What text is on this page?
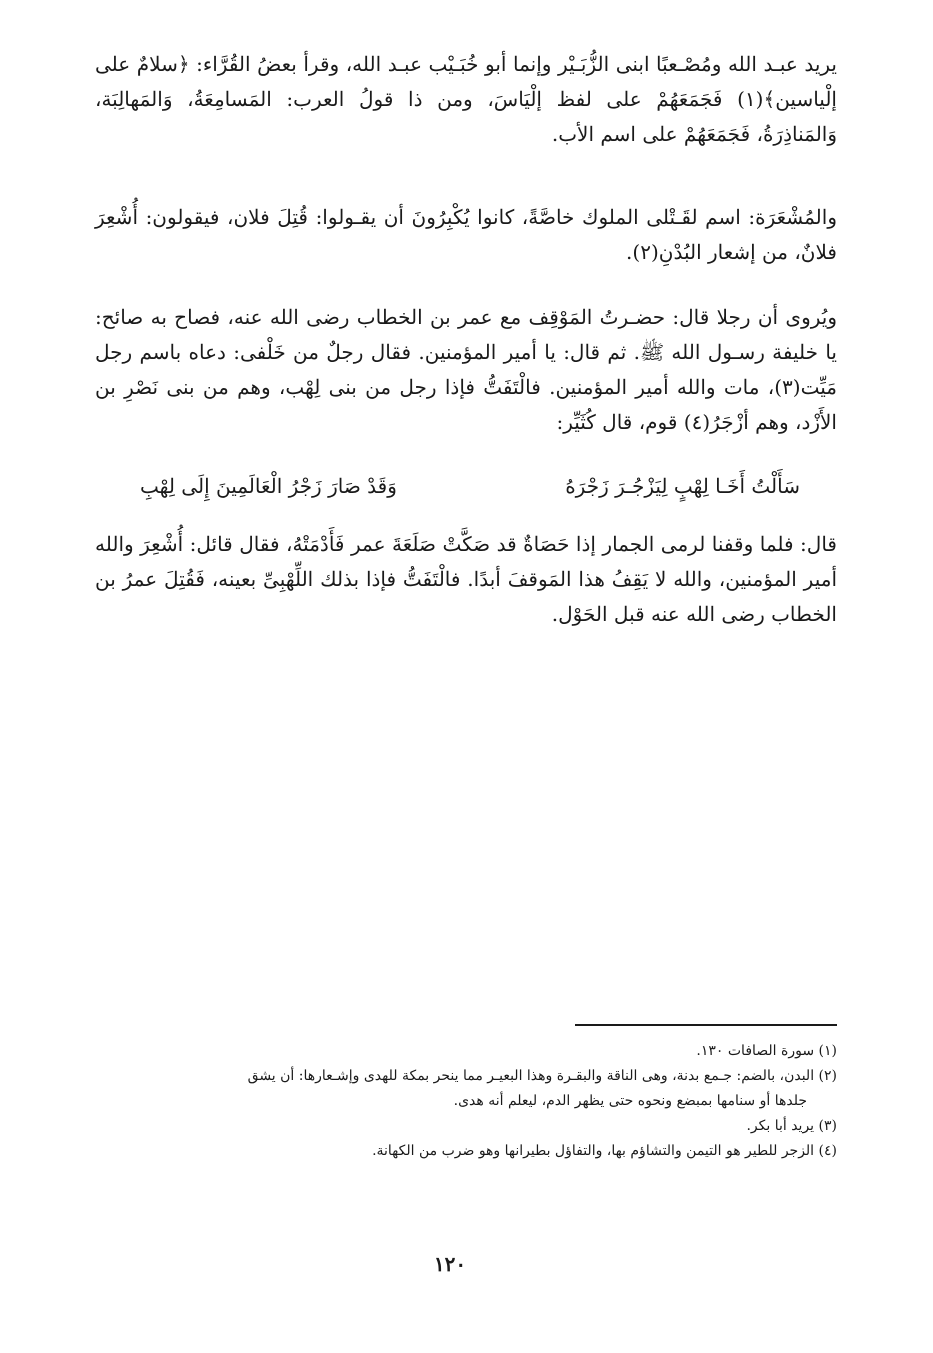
يريد عبـد الله ومُصْـعبًا ابنى الزُّبَـيْر وإنما أبو خُبَـيْب عبـد الله، وقرأ بعضُ القُرَّاء: ﴿سلامٌ على إلْياسين﴾(١) فَجَمَعَهُمْ على لفظ إلْيَاسَ، ومن ذا قولُ العرب: المَسامِعَةُ، وَالمَهالِبَة، وَالمَناذِرَةُ، فَجَمَعَهُمْ على اسم الأب.

والمُشْعَرَة: اسم لقَـتْلى الملوك خاصَّةً، كانوا يُكْبِرُونَ أن يقـولوا: قُتِلَ فلان، فيقولون: أُشْعِرَ فلانٌ، من إشعار البُدْنِ(٢).

ويُروى أن رجلا قال: حضـرتُ المَوْقِف مع عمر بن الخطاب رضى الله عنه، فصاح به صائح: يا خليفة رسـول الله ﷺ. ثم قال: يا أمير المؤمنين. فقال رجلٌ من خَلْفى: دعاه باسم رجل مَيِّت(٣)، مات والله أمير المؤمنين. فالْتَفَتُّ فإذا رجل من بنى لِهْب، وهم من بنى نَصْرِ بن الأَزْد، وهم أزْجَرُ(٤) قوم، قال كُثَيِّر:

سَأَلْتُ أَخَـا لِهْبٍ لِيَزْجُـرَ زَجْرَهُ
وَقَدْ صَارَ زَجْرُ الْعَالَمِينَ إِلَى لِهْبِ

قال: فلما وقفنا لرمى الجمار إذا حَصَاةٌ قد صَكَّتْ صَلَعَةَ عمر فَأَدْمَتْهُ، فقال قائل: أُشْعِرَ والله أمير المؤمنين، والله لا يَقِفُ هذا المَوقفَ أبدًا. فالْتَفَتُّ فإذا بذلك اللِّهْبِىِّ بعينه، فَقُتِلَ عمرُ بن الخطاب رضى الله عنه قبل الحَوْل.

(١) سورة الصافات ١٣٠.

(٢) البدن، بالضم: جـمع بدنة، وهى الناقة والبقـرة وهذا البعيـر مما ينحر بمكة للهدى وإشـعارها: أن يشق

جلدها أو سنامها بمبضع ونحوه حتى يظهر الدم، ليعلم أنه هدى.

(٣) يريد أبا بكر.

(٤) الزجر للطير هو التيمن والتشاؤم بها، والتفاؤل بطيرانها وهو ضرب من الكهانة.

١٢٠
